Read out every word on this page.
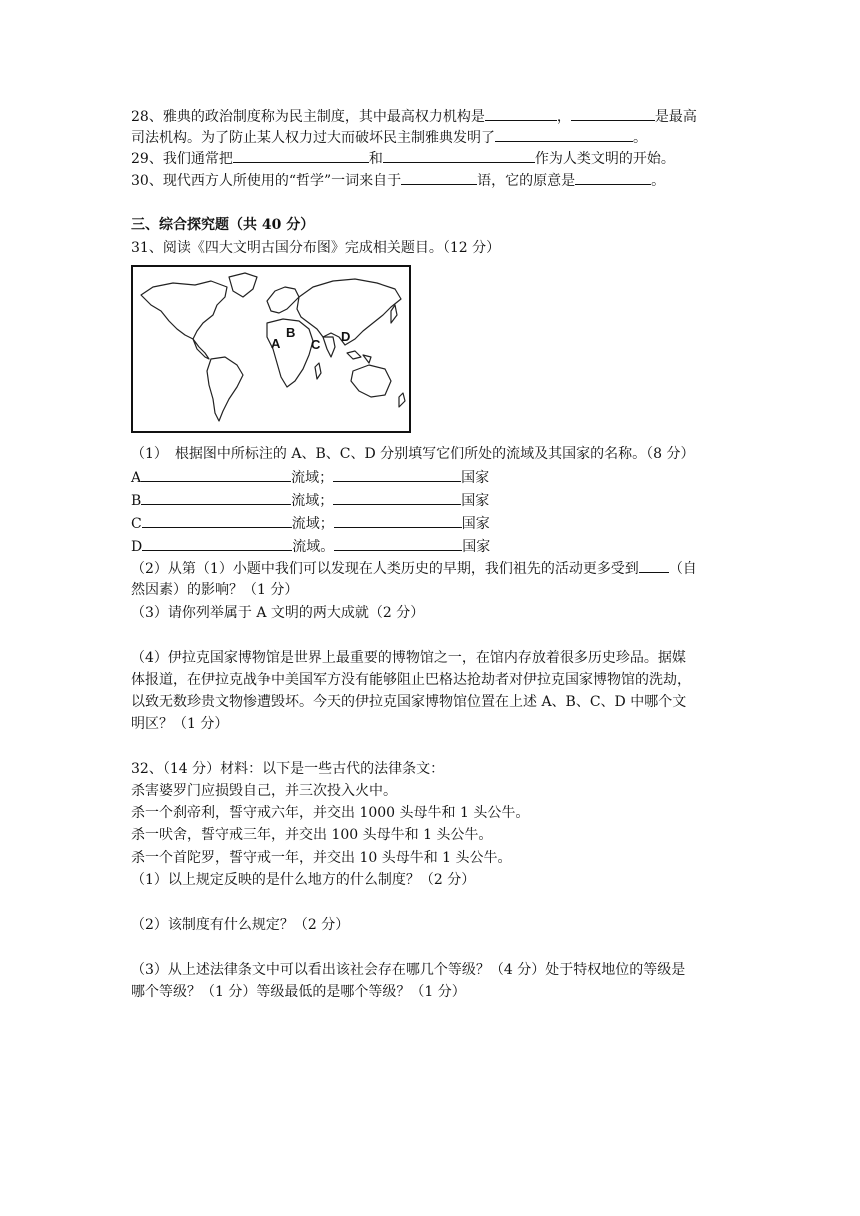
28、雅典的政治制度称为民主制度，其中最高权力机构是	，	是最高
司法机构。为了防止某人权力过大而破坏民主制雅典发明了	。
29、我们通常把	和	作为人类文明的开始。
30、现代西方人所使用的“哲学”一词来自于	语，它的原意是	。
三、综合探究题（共 40 分）
31、阅读《四大文明古国分布图》完成相关题目。（12 分）
A
B
C
D
（1）　根据图中所标注的 A、B、C、D 分别填写它们所处的流域及其国家的名称。（8 分）
A	流域；	国家
B	流域；	国家
C	流域；	国家
D	流域。	国家
（2）从第（1）小题中我们可以发现在人类历史的早期，我们祖先的活动更多受到 （自
然因素）的影响？（1 分）
（3）请你列举属于 A 文明的两大成就（2 分）
（4）伊拉克国家博物馆是世界上最重要的博物馆之一，在馆内存放着很多历史珍品。据媒
体报道，在伊拉克战争中美国军方没有能够阻止巴格达抢劫者对伊拉克国家博物馆的洗劫，
以致无数珍贵文物惨遭毁坏。今天的伊拉克国家博物馆位置在上述 A、B、C、D 中哪个文
明区？（1 分）
32、（14 分）材料：以下是一些古代的法律条文：
杀害婆罗门应损毁自己，并三次投入火中。
杀一个刹帝利，誓守戒六年，并交出 1000 头母牛和 1 头公牛。
杀一吠舍，誓守戒三年，并交出 100 头母牛和 1 头公牛。
杀一个首陀罗，誓守戒一年，并交出 10 头母牛和 1 头公牛。
（1）以上规定反映的是什么地方的什么制度？（2 分）
（2）该制度有什么规定？（2 分）
（3）从上述法律条文中可以看出该社会存在哪几个等级？（4 分）处于特权地位的等级是
哪个等级？（1 分）等级最低的是哪个等级？（1 分）
